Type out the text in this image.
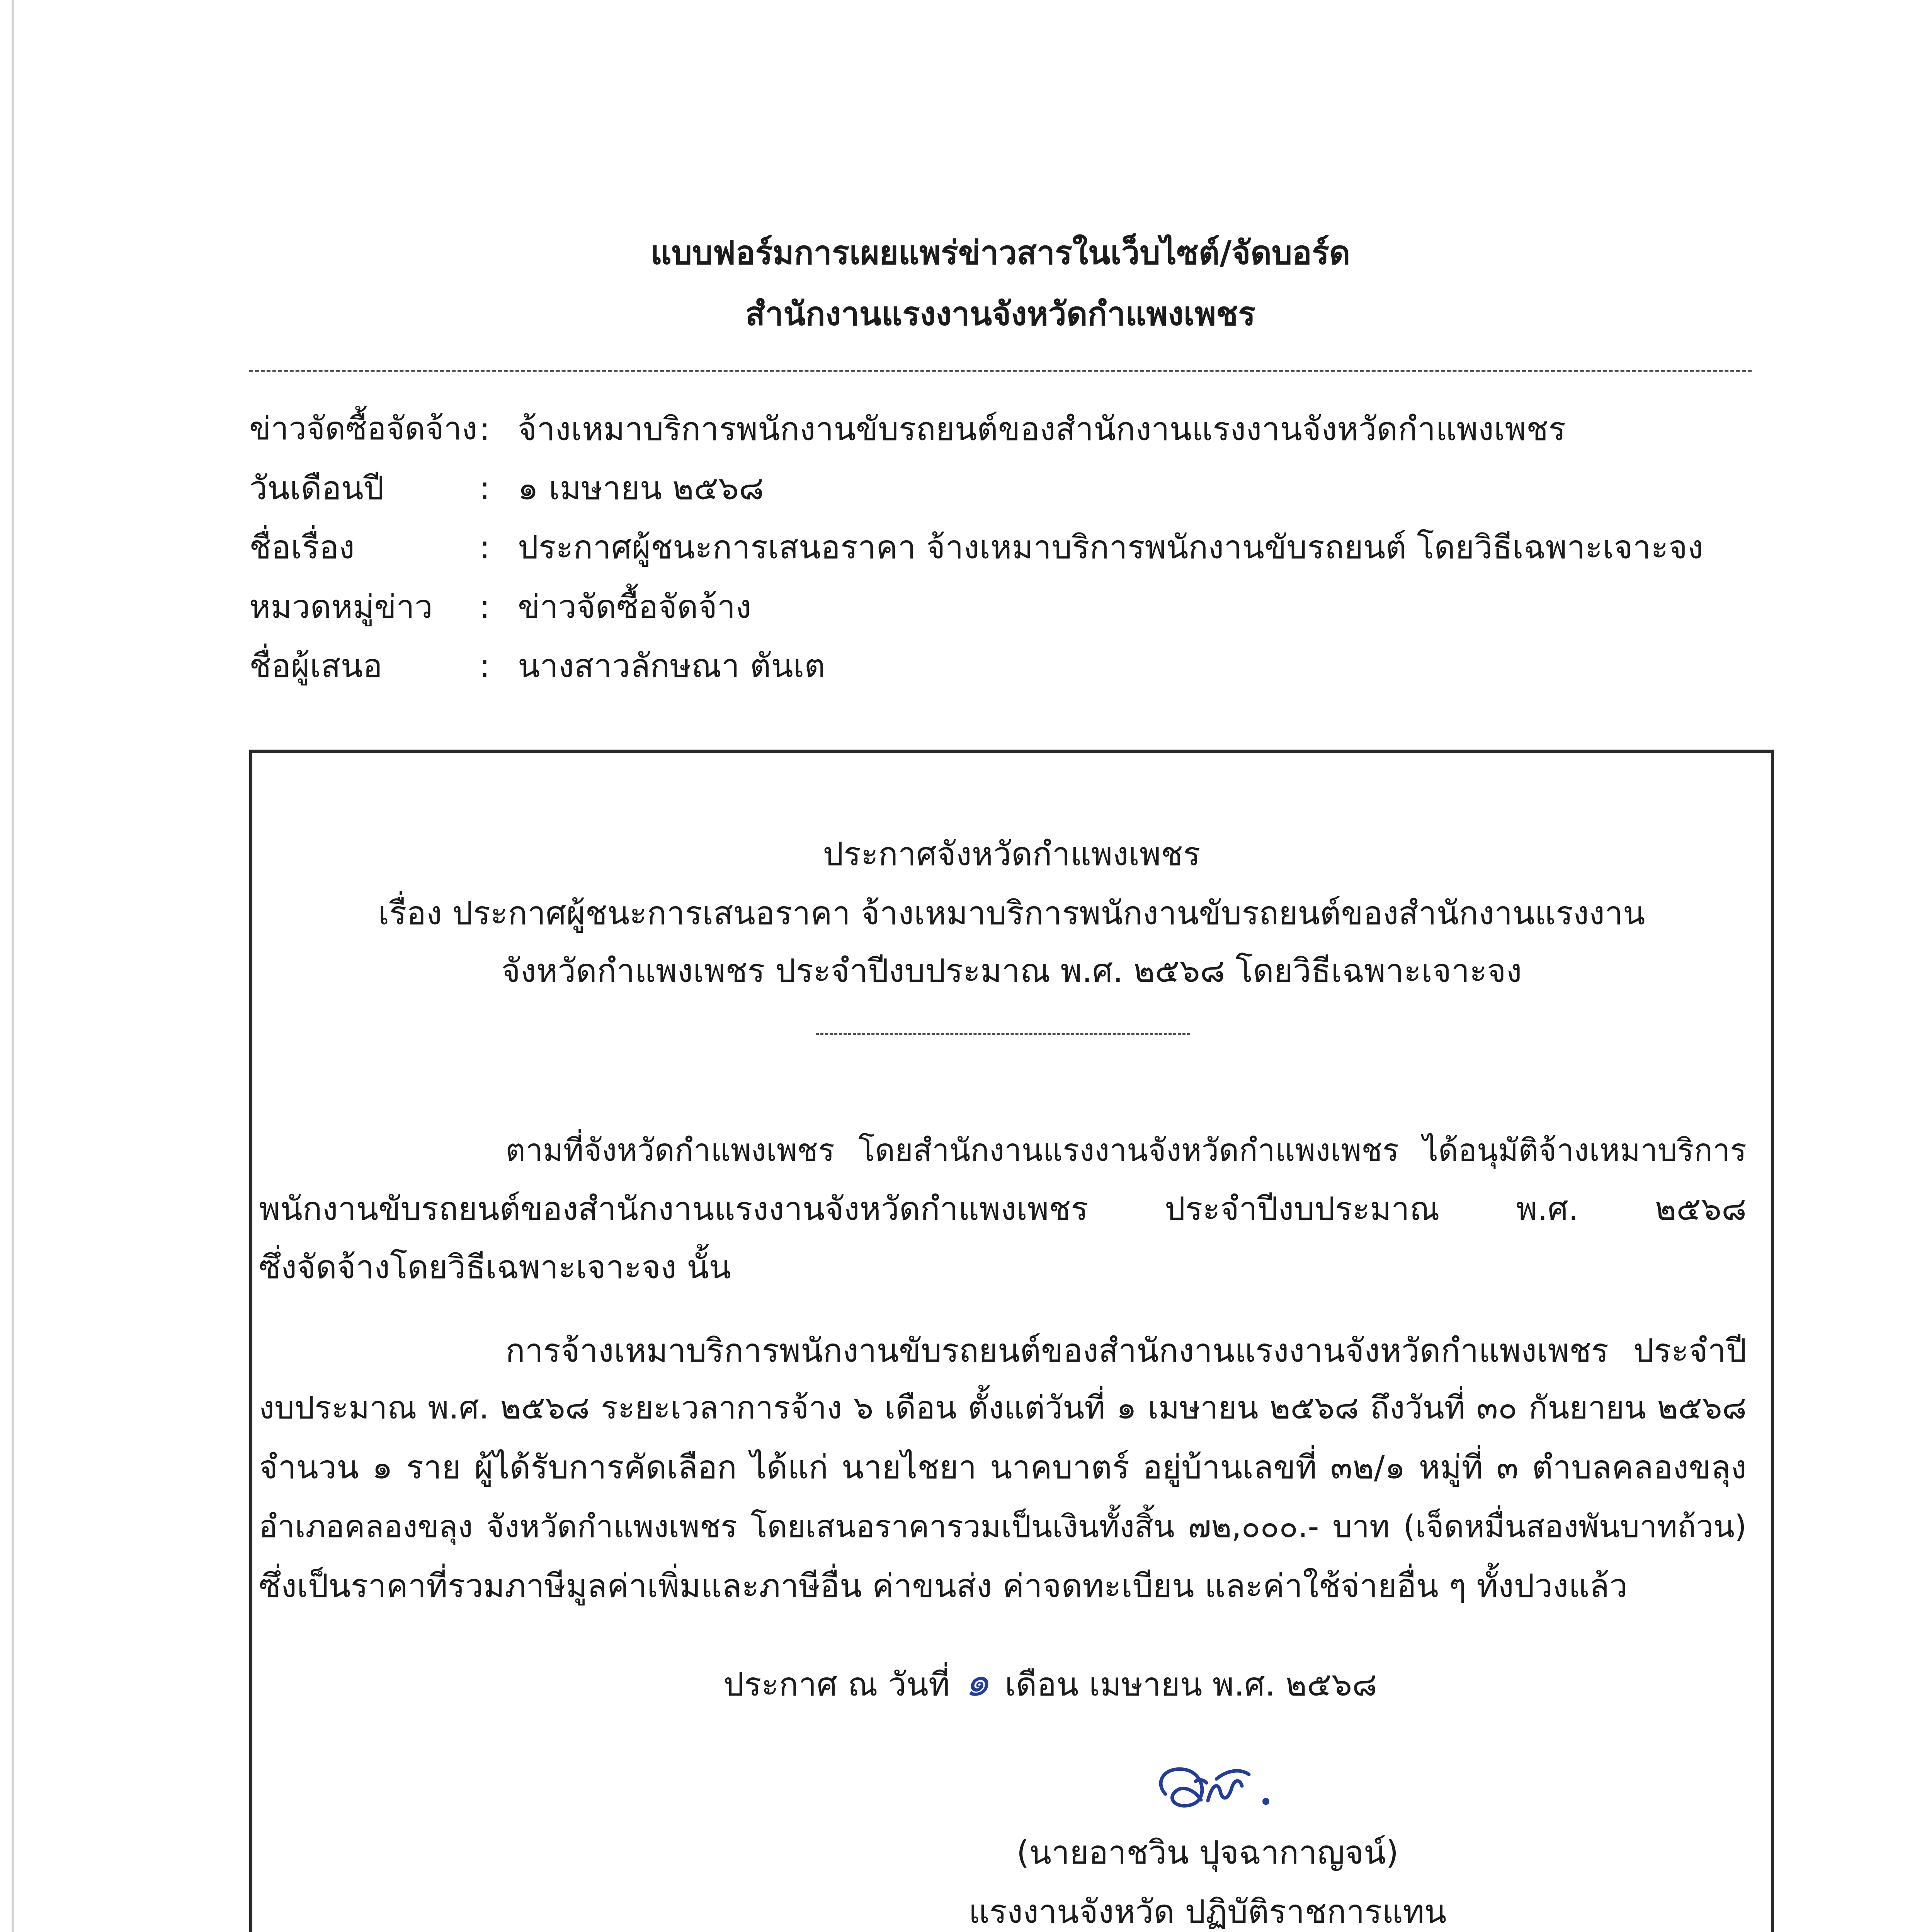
แบบฟอร์มการเผยแพร่ข่าวสารในเว็บไซต์/จัดบอร์ด
สำนักงานแรงงานจังหวัดกำแพงเพชร
ข่าวจัดซื้อจัดจ้าง : จ้างเหมาบริการพนักงานขับรถยนต์ของสำนักงานแรงงานจังหวัดกำแพงเพชร
วันเดือนปี	: ๑ เมษายน ๒๕๖๘
ชื่อเรื่อง	: ประกาศผู้ชนะการเสนอราคา จ้างเหมาบริการพนักงานขับรถยนต์ โดยวิธีเฉพาะเจาะจง
หมวดหมู่ข่าว	: ข่าวจัดซื้อจัดจ้าง
ชื่อผู้เสนอ	: นางสาวลักษณา ตันเต
ประกาศจังหวัดกำแพงเพชร
เรื่อง ประกาศผู้ชนะการเสนอราคา จ้างเหมาบริการพนักงานขับรถยนต์ของสำนักงานแรงงาน
จังหวัดกำแพงเพชร ประจำปีงบประมาณ พ.ศ. ๒๕๖๘ โดยวิธีเฉพาะเจาะจง
ตามที่จังหวัดกำแพงเพชร โดยสำนักงานแรงงานจังหวัดกำแพงเพชร ได้อนุมัติจ้างเหมาบริการ
พนักงานขับรถยนต์ของสำนักงานแรงงานจังหวัดกำแพงเพชร ประจำปีงบประมาณ พ.ศ. ๒๕๖๘
ซึ่งจัดจ้างโดยวิธีเฉพาะเจาะจง นั้น
การจ้างเหมาบริการพนักงานขับรถยนต์ของสำนักงานแรงงานจังหวัดกำแพงเพชร ประจำปี
งบประมาณ พ.ศ. ๒๕๖๘ ระยะเวลาการจ้าง ๖ เดือน ตั้งแต่วันที่ ๑ เมษายน ๒๕๖๘ ถึงวันที่ ๓๐ กันยายน ๒๕๖๘
จำนวน ๑ ราย ผู้ได้รับการคัดเลือก ได้แก่ นายไชยา นาคบาตร์ อยู่บ้านเลขที่ ๓๒/๑ หมู่ที่ ๓ ตำบลคลองขลุง
อำเภอคลองขลุง จังหวัดกำแพงเพชร โดยเสนอราคารวมเป็นเงินทั้งสิ้น ๗๒,๐๐๐.- บาท (เจ็ดหมื่นสองพันบาทถ้วน)
ซึ่งเป็นราคาที่รวมภาษีมูลค่าเพิ่มและภาษีอื่น ค่าขนส่ง ค่าจดทะเบียน และค่าใช้จ่ายอื่น ๆ ทั้งปวงแล้ว
ประกาศ ณ วันที่ ๑ เดือน เมษายน พ.ศ. ๒๕๖๘
(นายอาชวิน ปุจฉากาญจน์)
แรงงานจังหวัด ปฏิบัติราชการแทน
